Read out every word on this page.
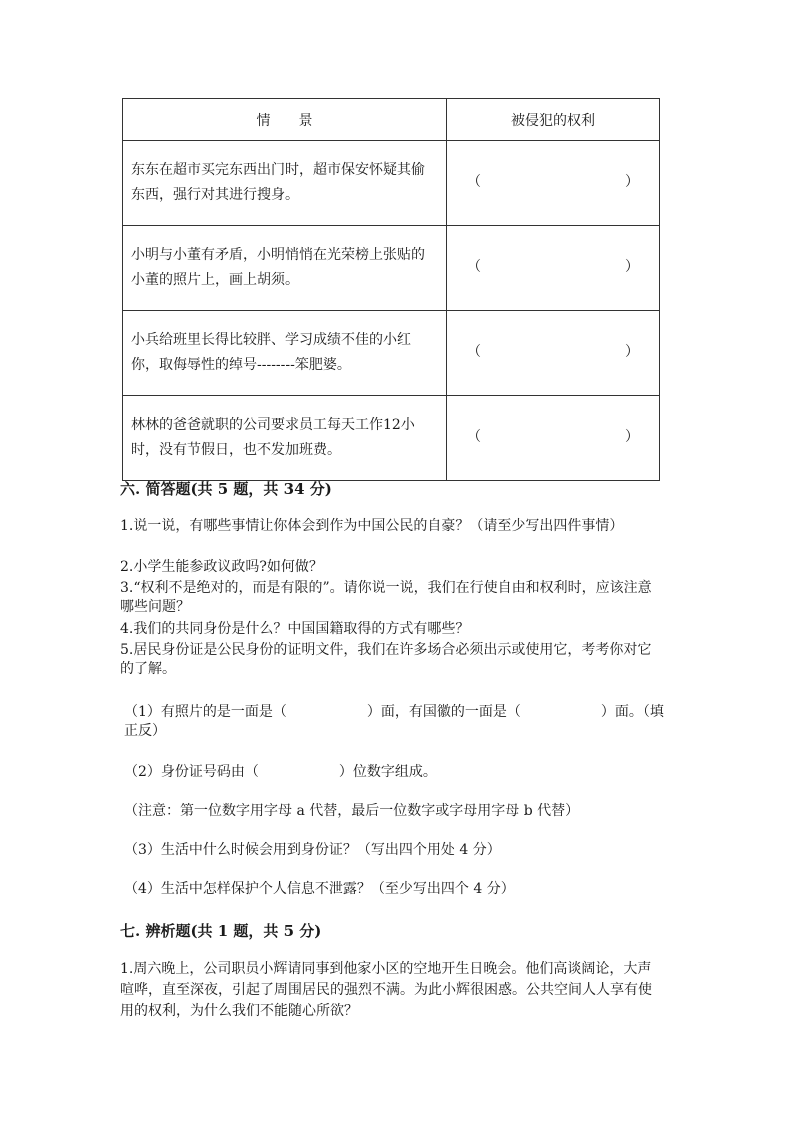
情　　景	被侵犯的权利
东东在超市买完东西出门时，超市保安怀疑其偷东西，强行对其进行搜身。	（ ）

小明与小董有矛盾，小明悄悄在光荣榜上张贴的小董的照片上，画上胡须。	（ ）

小兵给班里长得比较胖、学习成绩不佳的小红你，取侮辱性的绰号--------笨肥婆。	（ ）

林林的爸爸就职的公司要求员工每天工作12小时，没有节假日，也不发加班费。	（ ）
六. 简答题(共 5 题，共 34 分)
1.说一说，有哪些事情让你体会到作为中国公民的自豪？（请至少写出四件事情）
2.小学生能参政议政吗?如何做？
3.“权利不是绝对的，而是有限的”。请你说一说，我们在行使自由和权利时，应该注意哪些问题？
4.我们的共同身份是什么？中国国籍取得的方式有哪些？
5.居民身份证是公民身份的证明文件，我们在许多场合必须出示或使用它，考考你对它的了解。
（1）有照片的是一面是（	）面，有国徽的一面是（	）面。（填正反）
（2）身份证号码由（	）位数字组成。
（注意：第一位数字用字母 a 代替，最后一位数字或字母用字母 b 代替）
（3）生活中什么时候会用到身份证？（写出四个用处 4 分）
（4）生活中怎样保护个人信息不泄露？（至少写出四个 4 分）
七. 辨析题(共 1 题，共 5 分)
1.周六晚上，公司职员小辉请同事到他家小区的空地开生日晚会。他们高谈阔论，大声喧哗，直至深夜，引起了周围居民的强烈不满。为此小辉很困惑。公共空间人人享有使用的权利，为什么我们不能随心所欲？
